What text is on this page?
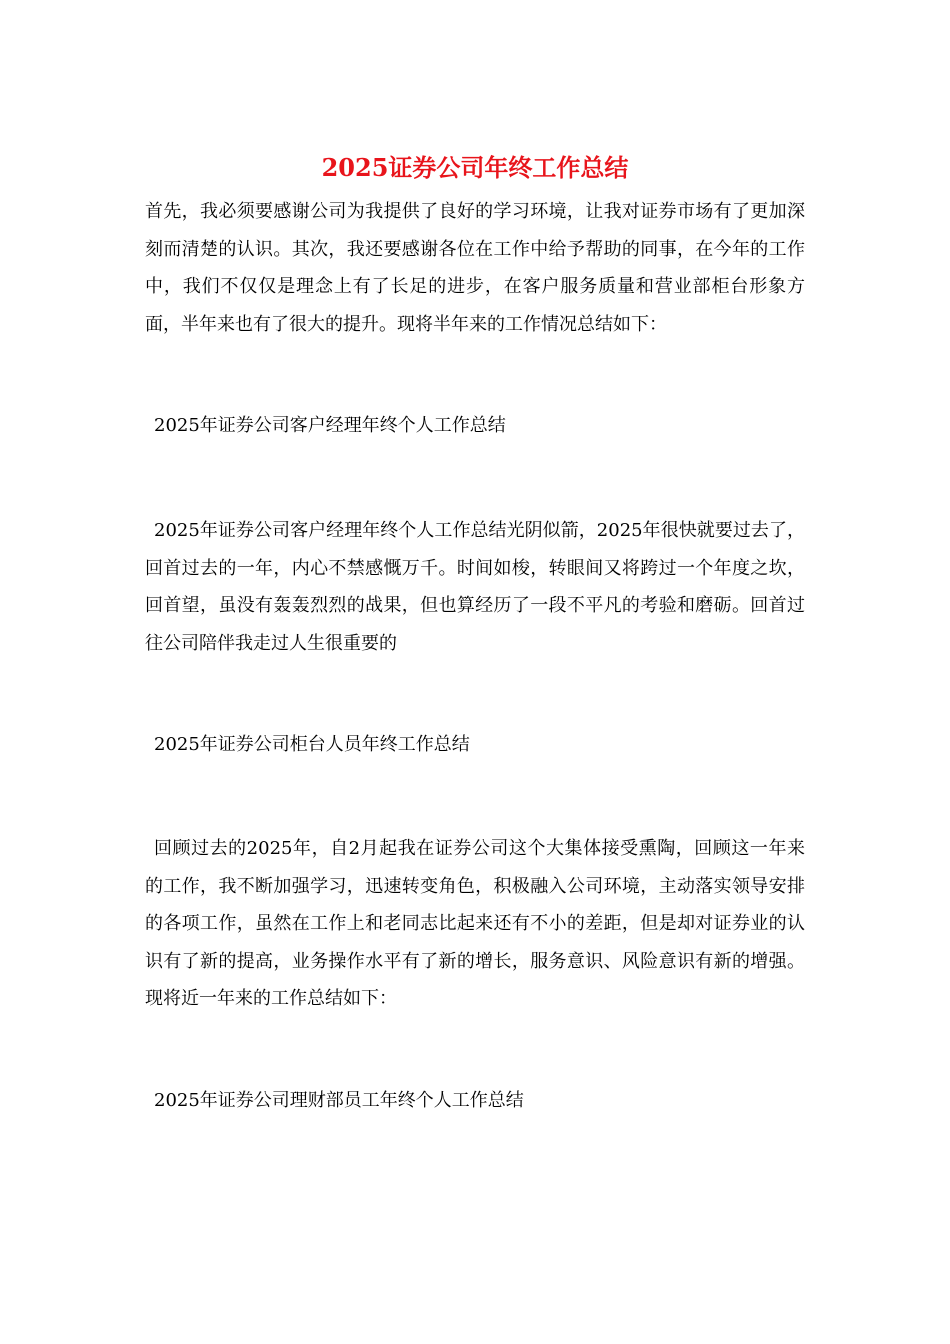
2025证券公司年终工作总结

首先，我必须要感谢公司为我提供了良好的学习环境，让我对证券市场有了更加深刻而清楚的认识。其次，我还要感谢各位在工作中给予帮助的同事，在今年的工作中，我们不仅仅是理念上有了长足的进步，在客户服务质量和营业部柜台形象方面，半年来也有了很大的提升。现将半年来的工作情况总结如下：

2025年证券公司客户经理年终个人工作总结

2025年证券公司客户经理年终个人工作总结光阴似箭，2025年很快就要过去了，回首过去的一年，内心不禁感慨万千。时间如梭，转眼间又将跨过一个年度之坎，回首望，虽没有轰轰烈烈的战果，但也算经历了一段不平凡的考验和磨砺。回首过往公司陪伴我走过人生很重要的

2025年证券公司柜台人员年终工作总结

回顾过去的2025年，自2月起我在证券公司这个大集体接受熏陶，回顾这一年来的工作，我不断加强学习，迅速转变角色，积极融入公司环境，主动落实领导安排的各项工作，虽然在工作上和老同志比起来还有不小的差距，但是却对证券业的认识有了新的提高，业务操作水平有了新的增长，服务意识、风险意识有新的增强。现将近一年来的工作总结如下：

2025年证券公司理财部员工年终个人工作总结
